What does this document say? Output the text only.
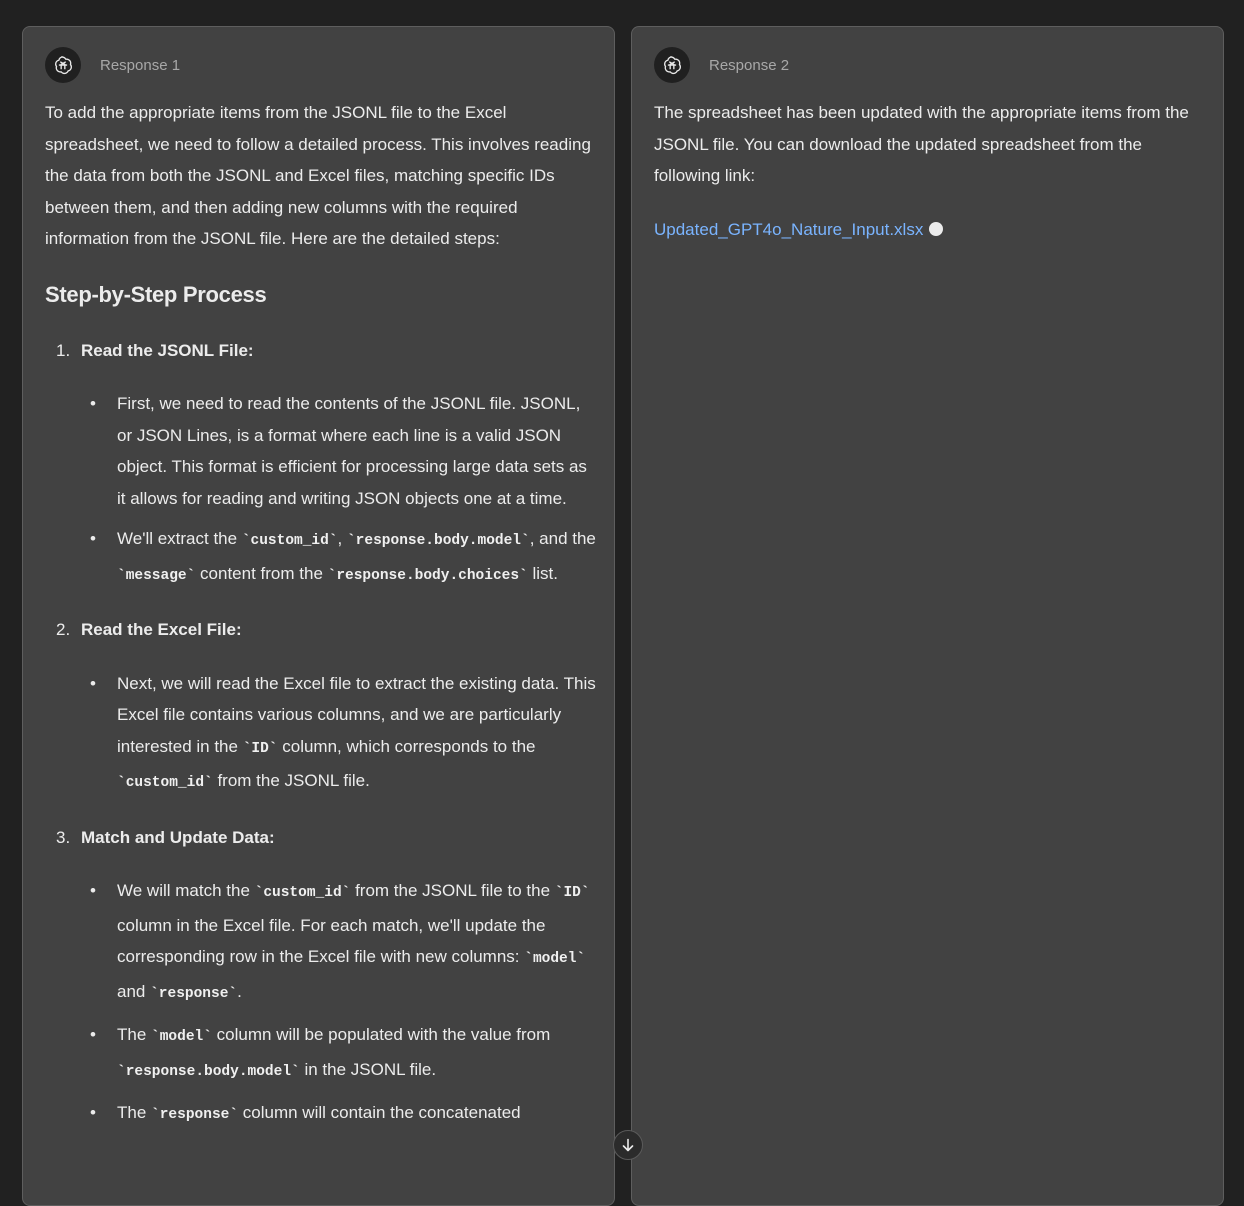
Response 1

To add the appropriate items from the JSONL file to the Excel spreadsheet, we need to follow a detailed process. This involves reading the data from both the JSONL and Excel files, matching specific IDs between them, and then adding new columns with the required information from the JSONL file. Here are the detailed steps:

Step-by-Step Process
1. Read the JSONL File:
• First, we need to read the contents of the JSONL file. JSONL, or JSON Lines, is a format where each line is a valid JSON object. This format is efficient for processing large data sets as it allows for reading and writing JSON objects one at a time.
• We'll extract the `custom_id`, `response.body.model`, and the `message` content from the `response.body.choices` list.
2. Read the Excel File:
• Next, we will read the Excel file to extract the existing data. This Excel file contains various columns, and we are particularly interested in the `ID` column, which corresponds to the `custom_id` from the JSONL file.
3. Match and Update Data:
• We will match the `custom_id` from the JSONL file to the `ID` column in the Excel file. For each match, we'll update the corresponding row in the Excel file with new columns: `model` and `response`.
• The `model` column will be populated with the value from `response.body.model` in the JSONL file.
• The `response` column will contain the concatenated
Response 2

The spreadsheet has been updated with the appropriate items from the JSONL file. You can download the updated spreadsheet from the following link:

Updated_GPT4o_Nature_Input.xlsx
